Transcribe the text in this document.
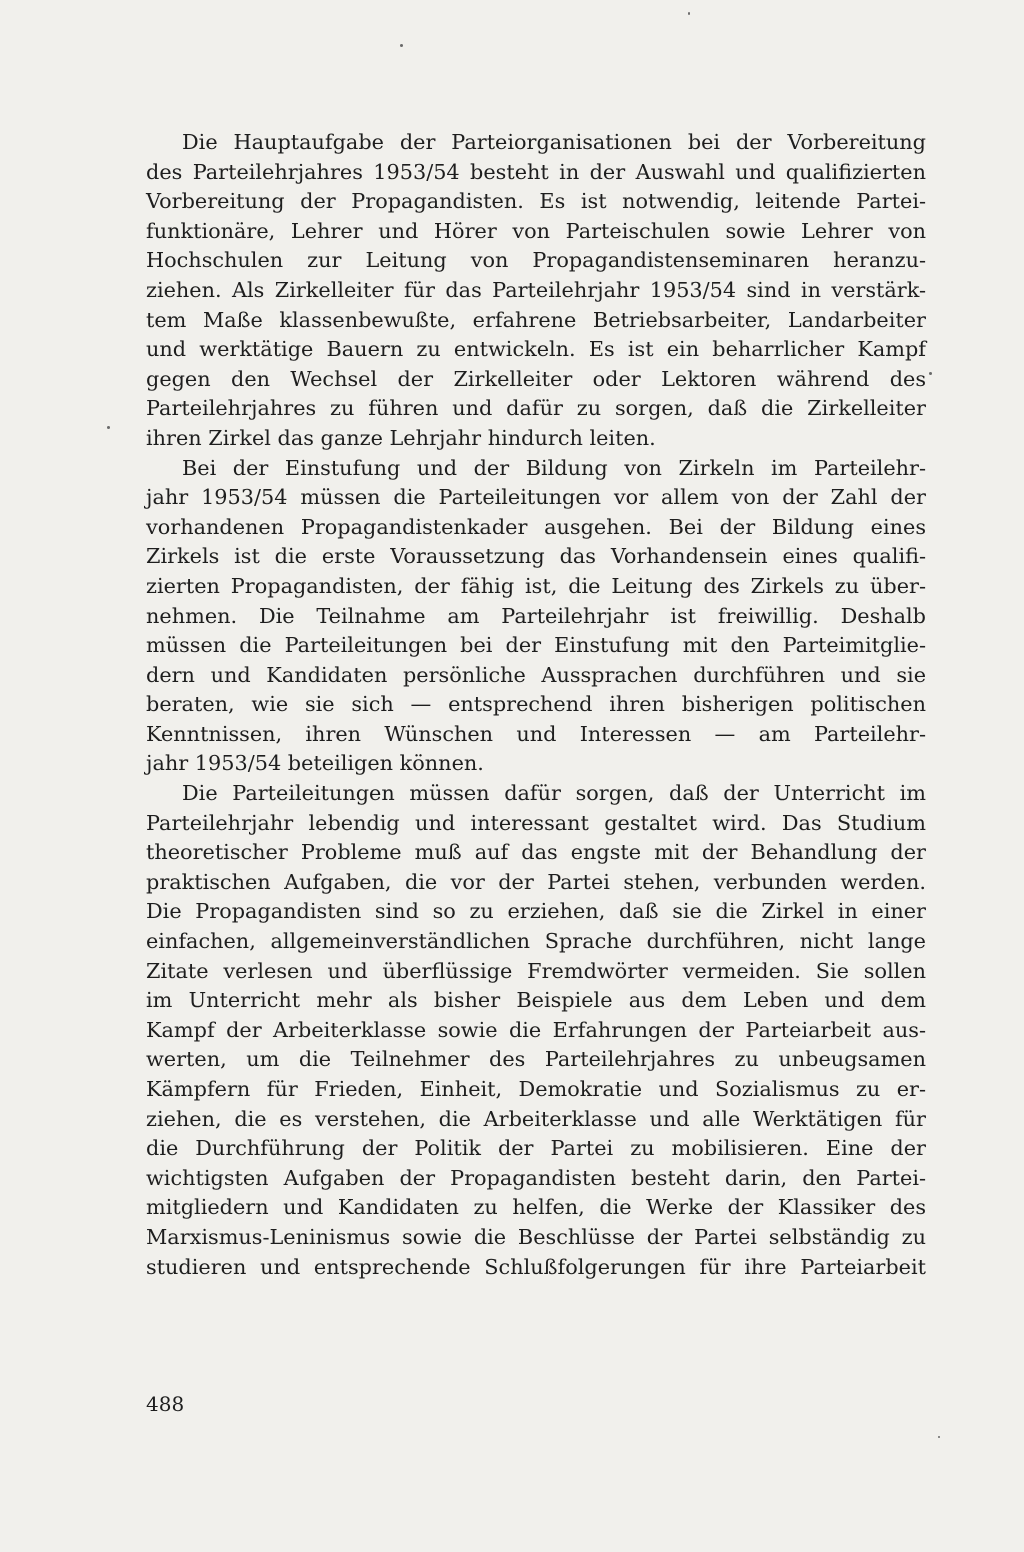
Die Hauptaufgabe der Parteiorganisationen bei der Vorbereitung
des Parteilehrjahres 1953/54 besteht in der Auswahl und qualifizierten
Vorbereitung der Propagandisten. Es ist notwendig, leitende Partei-
funktionäre, Lehrer und Hörer von Parteischulen sowie Lehrer von
Hochschulen zur Leitung von Propagandistenseminaren heranzu-
ziehen. Als Zirkelleiter für das Parteilehrjahr 1953/54 sind in verstärk-
tem Maße klassenbewußte, erfahrene Betriebsarbeiter, Landarbeiter
und werktätige Bauern zu entwickeln. Es ist ein beharrlicher Kampf
gegen den Wechsel der Zirkelleiter oder Lektoren während des
Parteilehrjahres zu führen und dafür zu sorgen, daß die Zirkelleiter
ihren Zirkel das ganze Lehrjahr hindurch leiten.
Bei der Einstufung und der Bildung von Zirkeln im Parteilehr-
jahr 1953/54 müssen die Parteileitungen vor allem von der Zahl der
vorhandenen Propagandistenkader ausgehen. Bei der Bildung eines
Zirkels ist die erste Voraussetzung das Vorhandensein eines qualifi-
zierten Propagandisten, der fähig ist, die Leitung des Zirkels zu über-
nehmen. Die Teilnahme am Parteilehrjahr ist freiwillig. Deshalb
müssen die Parteileitungen bei der Einstufung mit den Parteimitglie-
dern und Kandidaten persönliche Aussprachen durchführen und sie
beraten, wie sie sich — entsprechend ihren bisherigen politischen
Kenntnissen, ihren Wünschen und Interessen — am Parteilehr-
jahr 1953/54 beteiligen können.
Die Parteileitungen müssen dafür sorgen, daß der Unterricht im
Parteilehrjahr lebendig und interessant gestaltet wird. Das Studium
theoretischer Probleme muß auf das engste mit der Behandlung der
praktischen Aufgaben, die vor der Partei stehen, verbunden werden.
Die Propagandisten sind so zu erziehen, daß sie die Zirkel in einer
einfachen, allgemeinverständlichen Sprache durchführen, nicht lange
Zitate verlesen und überflüssige Fremdwörter vermeiden. Sie sollen
im Unterricht mehr als bisher Beispiele aus dem Leben und dem
Kampf der Arbeiterklasse sowie die Erfahrungen der Parteiarbeit aus-
werten, um die Teilnehmer des Parteilehrjahres zu unbeugsamen
Kämpfern für Frieden, Einheit, Demokratie und Sozialismus zu er-
ziehen, die es verstehen, die Arbeiterklasse und alle Werktätigen für
die Durchführung der Politik der Partei zu mobilisieren. Eine der
wichtigsten Aufgaben der Propagandisten besteht darin, den Partei-
mitgliedern und Kandidaten zu helfen, die Werke der Klassiker des
Marxismus-Leninismus sowie die Beschlüsse der Partei selbständig zu
studieren und entsprechende Schlußfolgerungen für ihre Parteiarbeit
488
